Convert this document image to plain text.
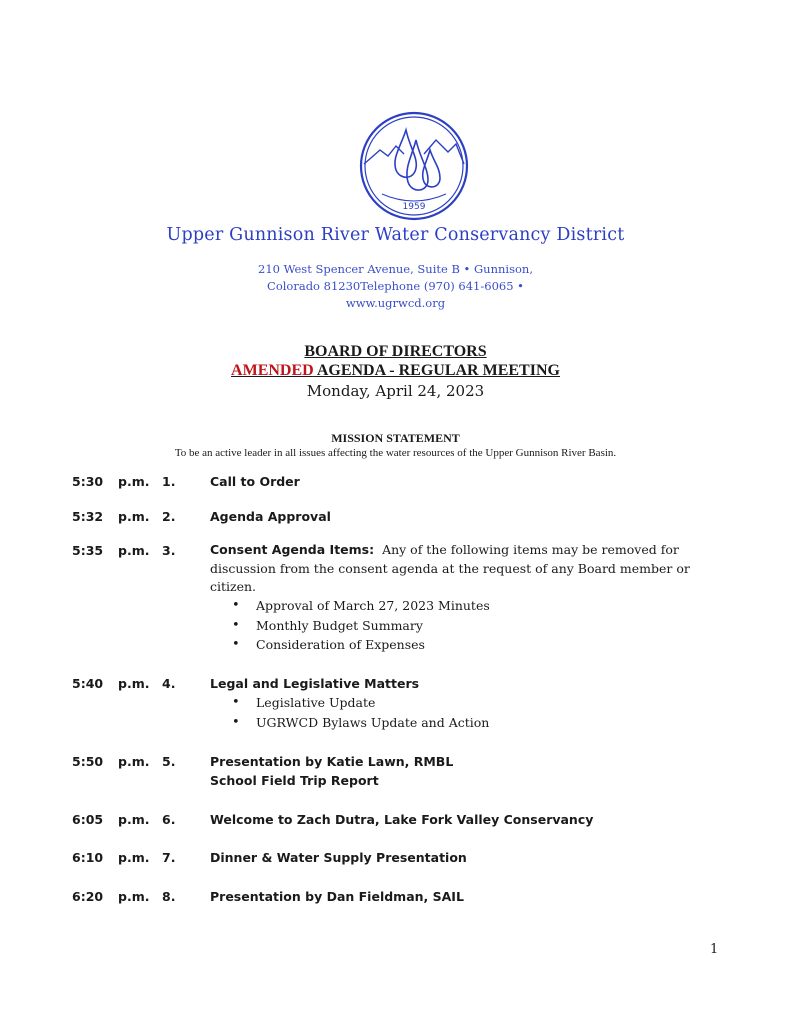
1959
Upper Gunnison River Water Conservancy District
210 West Spencer Avenue, Suite B • Gunnison,
Colorado 81230Telephone (970) 641-6065 •
www.ugrwcd.org
BOARD OF DIRECTORS
AMENDED AGENDA - REGULAR MEETING
Monday, April 24, 2023
MISSION STATEMENT
To be an active leader in all issues affecting the water resources of the Upper Gunnison River Basin.
5:30 p.m. 1.	Call to Order
5:32 p.m. 2.	Agenda Approval
5:35 p.m. 3.	Consent Agenda Items: Any of the following items may be removed for discussion from the consent agenda at the request of any Board member or citizen.
• Approval of March 27, 2023 Minutes
• Monthly Budget Summary
• Consideration of Expenses
5:40 p.m. 4.	Legal and Legislative Matters
• Legislative Update
• UGRWCD Bylaws Update and Action
5:50 p.m. 5.	Presentation by Katie Lawn, RMBL
School Field Trip Report
6:05 p.m. 6.	Welcome to Zach Dutra, Lake Fork Valley Conservancy
6:10 p.m. 7.	Dinner & Water Supply Presentation
6:20 p.m. 8.	Presentation by Dan Fieldman, SAIL
1
